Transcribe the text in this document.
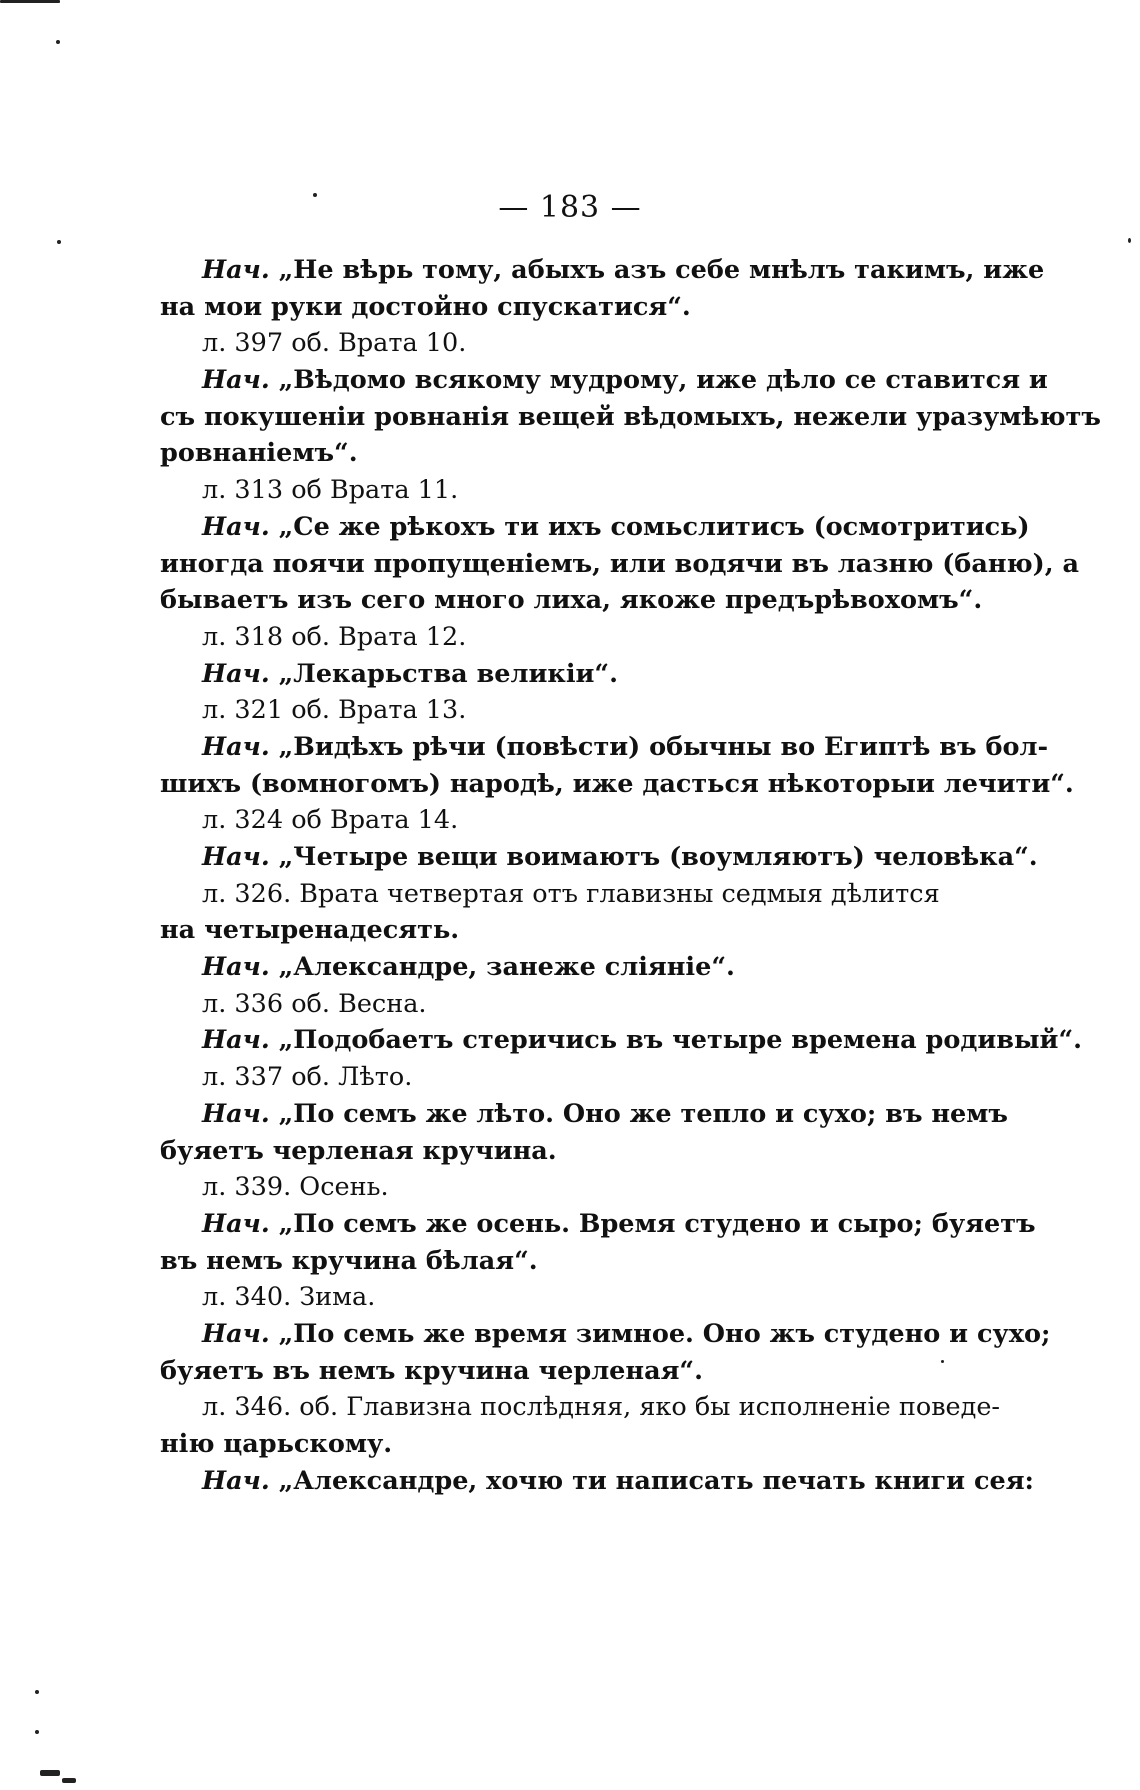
— 183 —
Нач. „Не вѣрь тому, абыхъ азъ себе мнѣлъ такимъ, иже
на мои руки достойно спускатися“.
л. 397 об. Врата 10.
Нач. „Вѣдомо всякому мудрому, иже дѣло се ставится и
съ покушеніи ровнанія вещей вѣдомыхъ, нежели уразумѣютъ
ровнаніемъ“.
л. 313 об Врата 11.
Нач. „Се же рѣкохъ ти ихъ сомьслитисъ (осмотритись)
иногда поячи пропущеніемъ, или водячи въ лазню (баню), а
бываетъ изъ сего много лиха, якоже предърѣвохомъ“.
л. 318 об. Врата 12.
Нач. „Лекарьства великіи“.
л. 321 об. Врата 13.
Нач. „Видѣхъ рѣчи (повѣсти) обычны во Египтѣ въ бол-
шихъ (вомногомъ) народѣ, иже дасться нѣкоторыи лечити“.
л. 324 об Врата 14.
Нач. „Четыре вещи воимаютъ (воумляютъ) человѣка“.
л. 326. Врата четвертая отъ главизны седмыя дѣлится
на четыренадесять.
Нач. „Александре, занеже сліяніе“.
л. 336 об. Весна.
Нач. „Подобаетъ стеричись въ четыре времена родивый“.
л. 337 об. Лѣто.
Нач. „По семъ же лѣто. Оно же тепло и сухо; въ немъ
буяетъ черленая кручина.
л. 339. Осень.
Нач. „По семъ же осень. Время студено и сыро; буяетъ
въ немъ кручина бѣлая“.
л. 340. Зима.
Нач. „По семь же время зимное. Оно жъ студено и сухо;
буяетъ въ немъ кручина черленая“.
л. 346. об. Главизна послѣдняя, яко бы исполненіе поведе-
нію царьскому.
Нач. „Александре, хочю ти написать печать книги сея:
